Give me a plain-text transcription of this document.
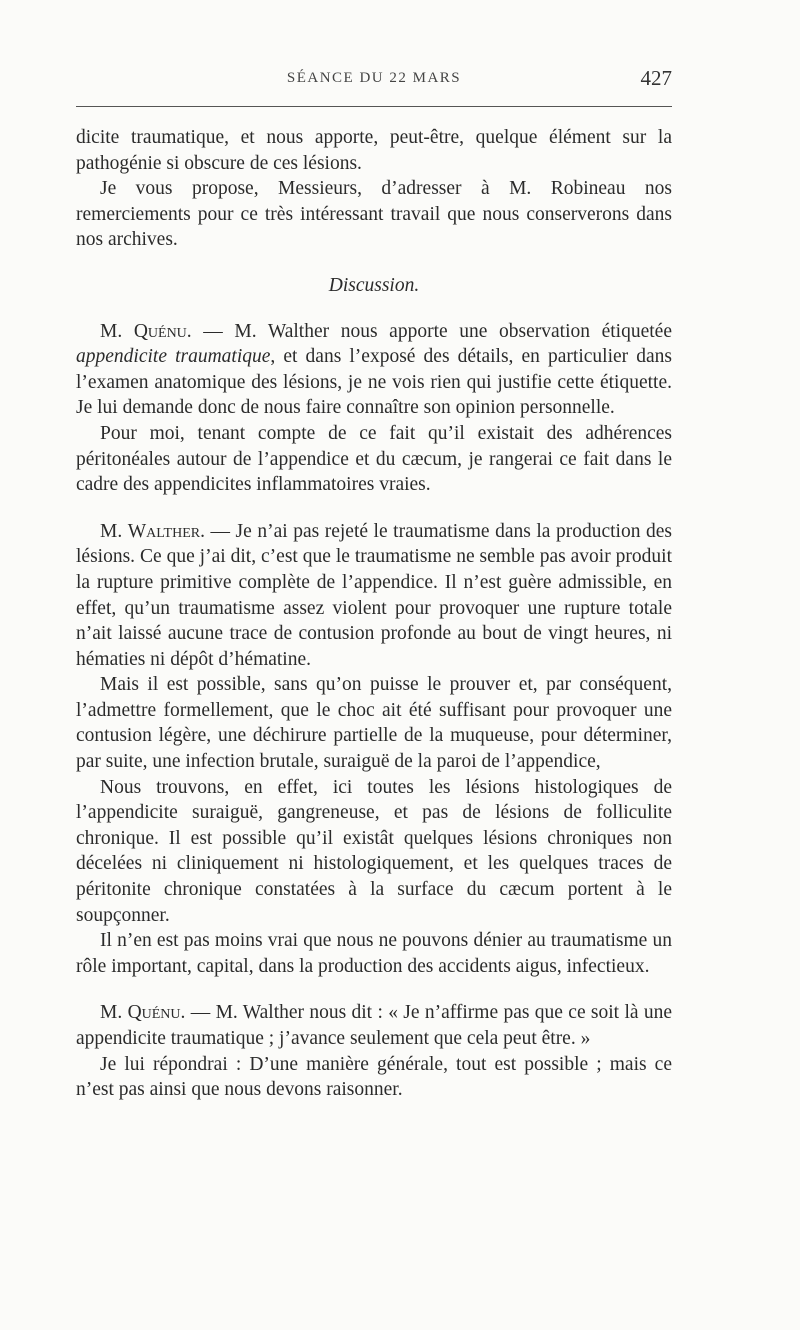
SÉANCE DU 22 MARS	427

dicite traumatique, et nous apporte, peut-être, quelque élément sur la pathogénie si obscure de ces lésions.

Je vous propose, Messieurs, d’adresser à M. Robineau nos remerciements pour ce très intéressant travail que nous conserverons dans nos archives.

Discussion.

M. Quénu. — M. Walther nous apporte une observation étiquetée appendicite traumatique, et dans l’exposé des détails, en particulier dans l’examen anatomique des lésions, je ne vois rien qui justifie cette étiquette. Je lui demande donc de nous faire connaître son opinion personnelle.

Pour moi, tenant compte de ce fait qu’il existait des adhérences péritonéales autour de l’appendice et du cæcum, je rangerai ce fait dans le cadre des appendicites inflammatoires vraies.

M. Walther. — Je n’ai pas rejeté le traumatisme dans la production des lésions. Ce que j’ai dit, c’est que le traumatisme ne semble pas avoir produit la rupture primitive complète de l’appendice. Il n’est guère admissible, en effet, qu’un traumatisme assez violent pour provoquer une rupture totale n’ait laissé aucune trace de contusion profonde au bout de vingt heures, ni hématies ni dépôt d’hématine.

Mais il est possible, sans qu’on puisse le prouver et, par conséquent, l’admettre formellement, que le choc ait été suffisant pour provoquer une contusion légère, une déchirure partielle de la muqueuse, pour déterminer, par suite, une infection brutale, suraiguë de la paroi de l’appendice,

Nous trouvons, en effet, ici toutes les lésions histologiques de l’appendicite suraiguë, gangreneuse, et pas de lésions de folliculite chronique. Il est possible qu’il existât quelques lésions chroniques non décelées ni cliniquement ni histologiquement, et les quelques traces de péritonite chronique constatées à la surface du cæcum portent à le soupçonner.

Il n’en est pas moins vrai que nous ne pouvons dénier au traumatisme un rôle important, capital, dans la production des accidents aigus, infectieux.

M. Quénu. — M. Walther nous dit : « Je n’affirme pas que ce soit là une appendicite traumatique ; j’avance seulement que cela peut être. »

Je lui répondrai : D’une manière générale, tout est possible ; mais ce n’est pas ainsi que nous devons raisonner.
